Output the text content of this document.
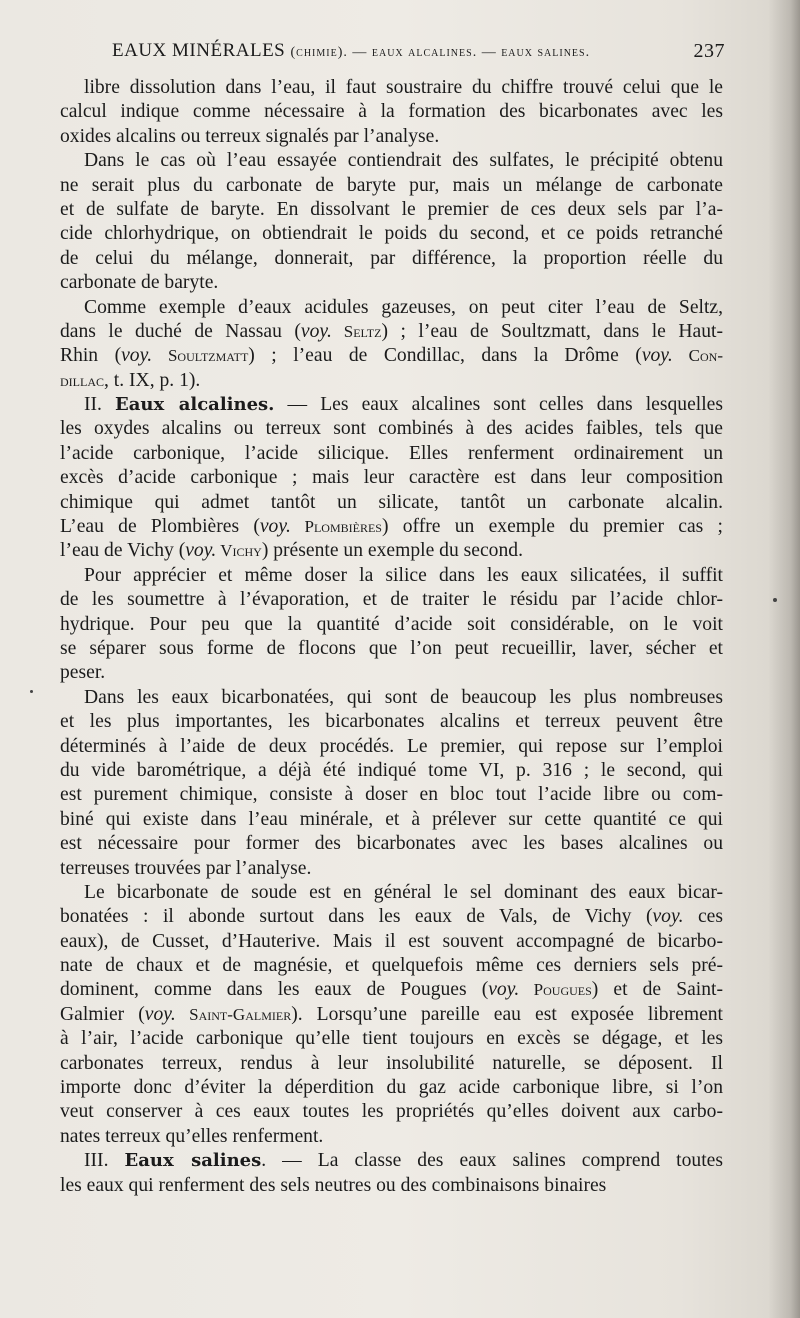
EAUX MINÉRALES (chimie). — eaux alcalines. — eaux salines.	237
libre dissolution dans l’eau, il faut soustraire du chiffre trouvé celui que le
calcul indique comme nécessaire à la formation des bicarbonates avec les
oxides alcalins ou terreux signalés par l’analyse.
Dans le cas où l’eau essayée contiendrait des sulfates, le précipité obtenu
ne serait plus du carbonate de baryte pur, mais un mélange de carbonate
et de sulfate de baryte. En dissolvant le premier de ces deux sels par l’a-
cide chlorhydrique, on obtiendrait le poids du second, et ce poids retranché
de celui du mélange, donnerait, par différence, la proportion réelle du
carbonate de baryte.
Comme exemple d’eaux acidules gazeuses, on peut citer l’eau de Seltz,
dans le duché de Nassau (voy. Seltz) ; l’eau de Soultzmatt, dans le Haut-
Rhin (voy. Soultzmatt) ; l’eau de Condillac, dans la Drôme (voy. Con-
dillac, t. IX, p. 1).
II. Eaux alcalines. — Les eaux alcalines sont celles dans lesquelles
les oxydes alcalins ou terreux sont combinés à des acides faibles, tels que
l’acide carbonique, l’acide silicique. Elles renferment ordinairement un
excès d’acide carbonique ; mais leur caractère est dans leur composition
chimique qui admet tantôt un silicate, tantôt un carbonate alcalin.
L’eau de Plombières (voy. Plombières) offre un exemple du premier cas ;
l’eau de Vichy (voy. Vichy) présente un exemple du second.
Pour apprécier et même doser la silice dans les eaux silicatées, il suffit
de les soumettre à l’évaporation, et de traiter le résidu par l’acide chlor-
hydrique. Pour peu que la quantité d’acide soit considérable, on le voit
se séparer sous forme de flocons que l’on peut recueillir, laver, sécher et
peser.
Dans les eaux bicarbonatées, qui sont de beaucoup les plus nombreuses
et les plus importantes, les bicarbonates alcalins et terreux peuvent être
déterminés à l’aide de deux procédés. Le premier, qui repose sur l’emploi
du vide barométrique, a déjà été indiqué tome VI, p. 316 ; le second, qui
est purement chimique, consiste à doser en bloc tout l’acide libre ou com-
biné qui existe dans l’eau minérale, et à prélever sur cette quantité ce qui
est nécessaire pour former des bicarbonates avec les bases alcalines ou
terreuses trouvées par l’analyse.
Le bicarbonate de soude est en général le sel dominant des eaux bicar-
bonatées : il abonde surtout dans les eaux de Vals, de Vichy (voy. ces
eaux), de Cusset, d’Hauterive. Mais il est souvent accompagné de bicarbo-
nate de chaux et de magnésie, et quelquefois même ces derniers sels pré-
dominent, comme dans les eaux de Pougues (voy. Pougues) et de Saint-
Galmier (voy. Saint-Galmier). Lorsqu’une pareille eau est exposée librement
à l’air, l’acide carbonique qu’elle tient toujours en excès se dégage, et les
carbonates terreux, rendus à leur insolubilité naturelle, se déposent. Il
importe donc d’éviter la déperdition du gaz acide carbonique libre, si l’on
veut conserver à ces eaux toutes les propriétés qu’elles doivent aux carbo-
nates terreux qu’elles renferment.
III. Eaux salines. — La classe des eaux salines comprend toutes
les eaux qui renferment des sels neutres ou des combinaisons binaires
